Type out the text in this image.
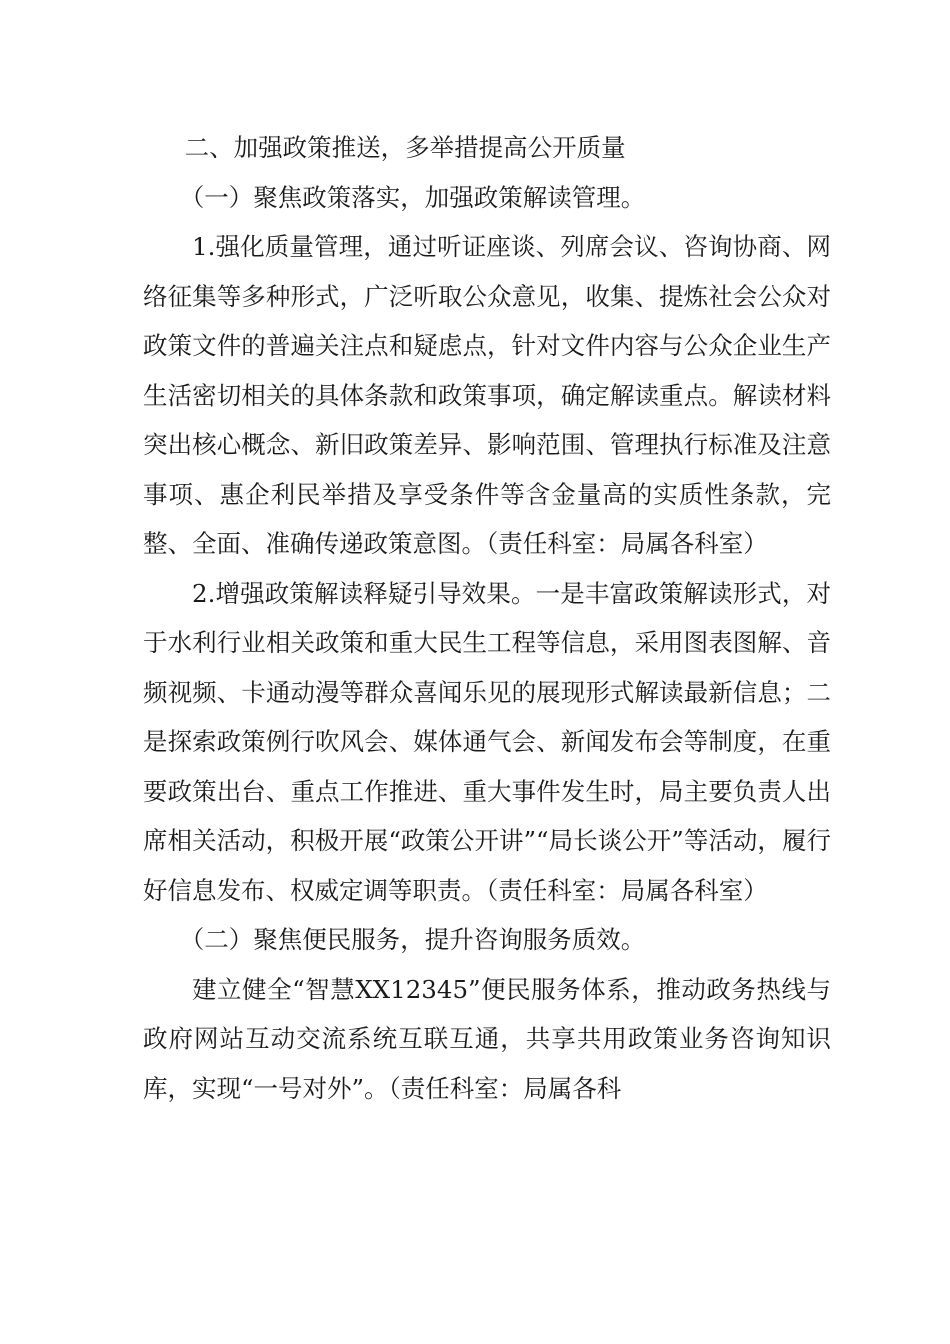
二、加强政策推送，多举措提高公开质量

（一）聚焦政策落实，加强政策解读管理。

1.强化质量管理，通过听证座谈、列席会议、咨询协商、网络征集等多种形式，广泛听取公众意见，收集、提炼社会公众对政策文件的普遍关注点和疑虑点，针对文件内容与公众企业生产生活密切相关的具体条款和政策事项，确定解读重点。解读材料突出核心概念、新旧政策差异、影响范围、管理执行标准及注意事项、惠企利民举措及享受条件等含金量高的实质性条款，完整、全面、准确传递政策意图。（责任科室：局属各科室）

2.增强政策解读释疑引导效果。一是丰富政策解读形式，对于水利行业相关政策和重大民生工程等信息，采用图表图解、音频视频、卡通动漫等群众喜闻乐见的展现形式解读最新信息；二是探索政策例行吹风会、媒体通气会、新闻发布会等制度，在重要政策出台、重点工作推进、重大事件发生时，局主要负责人出席相关活动，积极开展“政策公开讲”“局长谈公开”等活动，履行好信息发布、权威定调等职责。（责任科室：局属各科室）

（二）聚焦便民服务，提升咨询服务质效。

建立健全“智慧XX12345”便民服务体系，推动政务热线与政府网站互动交流系统互联互通，共享共用政策业务咨询知识库，实现“一号对外”。（责任科室：局属各科
